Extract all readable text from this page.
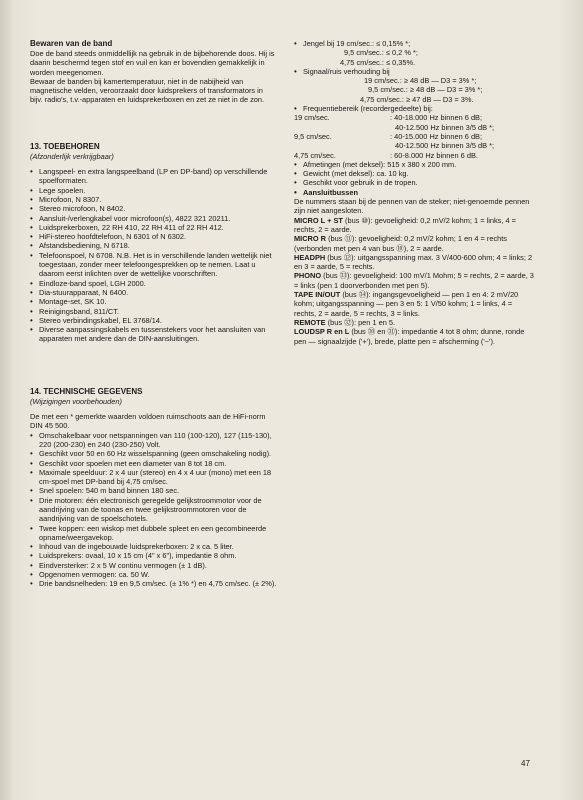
Bewaren van de band

Doe de band steeds onmiddellijk na gebruik in de bijbehorende doos. Hij is daarin beschermd tegen stof en vuil en kan er bovendien gemakkelijk in worden meegenomen.

Bewaar de banden bij kamertemperatuur, niet in de nabijheid van magnetische velden, veroorzaakt door luidsprekers of transformators in bijv. radio's, t.v.-apparaten en luidsprekerboxen en zet ze niet in de zon.

13. TOEBEHOREN

(Afzonderlijk verkrijgbaar)

• Langspeel- en extra langspeelband (LP en DP-band) op verschillende spoelformaten.
• Lege spoelen.
• Microfoon, N 8307.
• Stereo microfoon, N 8402.
• Aansluit-/verlengkabel voor microfoon(s), 4822 321 20211.
• Luidsprekerboxen, 22 RH 410, 22 RH 411 of 22 RH 412.
• HiFi-stereo hoofdtelefoon, N 6301 of N 6302.
• Afstandsbediening, N 6718.
• Telefoonspoel, N 6708. N.B. Het is in verschillende landen wettelijk niet toegestaan, zonder meer telefoongesprekken op te nemen. Laat u daarom eerst inlichten over de wettelijke voorschriften.
• Eindloze-band spoel, LGH 2000.
• Dia-stuurapparaat, N 6400.
• Montage-set, SK 10.
• Reinigingsband, 811/CT.
• Stereo verbindingskabel, EL 3768/14.
• Diverse aanpassingskabels en tussenstekers voor het aansluiten van apparaten met andere dan de DIN-aansluitingen.
14. TECHNISCHE GEGEVENS

(Wijzigingen voorbehouden)

De met een * gemerkte waarden voldoen ruimschoots aan de HiFi-norm DIN 45 500.

• Omschakelbaar voor netspanningen van 110 (100-120), 127 (115-130), 220 (200-230) en 240 (230-250) Volt.
• Geschikt voor 50 en 60 Hz wisselspanning (geen omschakeling nodig).
• Geschikt voor spoelen met een diameter van 8 tot 18 cm.
• Maximale speelduur: 2 x 4 uur (stereo) en 4 x 4 uur (mono) met een 18 cm-spoel met DP-band bij 4,75 cm/sec.
• Snel spoelen: 540 m band binnen 180 sec.
• Drie motoren: één electronisch geregelde gelijkstroommotor voor de aandrijving van de toonas en twee gelijkstroommotoren voor de aandrijving van de spoelschotels.
• Twee koppen: een wiskop met dubbele spleet en een gecombineerde opname/weergavekop.
• Inhoud van de ingebouwde luidsprekerboxen: 2 x ca. 5 liter.
• Luidsprekers: ovaal, 10 x 15 cm (4" x 6"), impedantie 8 ohm.
• Eindversterker: 2 x 5 W continu vermogen (± 1 dB).
• Opgenomen vermogen: ca. 50 W.
• Drie bandsnelheden: 19 en 9,5 cm/sec. (± 1% *) en 4,75 cm/sec. (± 2%).
• Jengel bij 19 cm/sec.: ≤ 0,15% *;

9,5 cm/sec.: ≤ 0,2 % *;

4,75 cm/sec.: ≤ 0,35%.

• Signaal/ruis verhouding bij

19 cm/sec.: ≥ 48 dB — D3 = 3% *;

9,5 cm/sec.: ≥ 48 dB — D3 = 3% *;

4,75 cm/sec.: ≥ 47 dB — D3 = 3%.

• Frequentiebereik (recordergedeelte) bij:
19 cm/sec.	: 40-18.000 Hz binnen 6 dB;
40-12.500 Hz binnen 3/5 dB *;
9,5 cm/sec.	: 40-15.000 Hz binnen 6 dB;
40-12.500 Hz binnen 3/5 dB *;
4,75 cm/sec.	: 60-8.000 Hz binnen 6 dB.
• Afmetingen (met deksel): 515 x 380 x 200 mm.
• Gewicht (met deksel): ca. 10 kg.
• Geschikt voor gebruik in de tropen.
• Aansluitbussen

De nummers staan bij de pennen van de steker; niet-genoemde pennen zijn niet aangesloten.

MICRO L + ST (bus ⑩): gevoeligheid: 0,2 mV/2 kohm; 1 = links, 4 = rechts, 2 = aarde.

MICRO R (bus ⑪): gevoeligheid: 0,2 mV/2 kohm; 1 en 4 = rechts (verbonden met pen 4 van bus ⑩), 2 = aarde.

HEADPH (bus ⑫): uitgangsspanning max. 3 V/400-600 ohm; 4 = links; 2 en 3 = aarde, 5 = rechts.

PHONO (bus ㉝): gevoeligheid: 100 mV/1 Mohm; 5 = rechts, 2 = aarde, 3 = links (pen 1 doorverbonden met pen 5).

TAPE IN/OUT (bus ㉞): ingangsgevoeligheid — pen 1 en 4: 2 mV/20 kohm; uitgangsspanning — pen 3 en 5: 1 V/50 kohm; 1 = links, 4 = rechts, 2 = aarde, 5 = rechts, 3 = links.

REMOTE (bus ㉜): pen 1 en 5.

LOUDSP R en L (bus ㉚ en ㉛): impedantie 4 tot 8 ohm; dunne, ronde pen — signaalzijde ('+'), brede, platte pen = afscherming ('−').

47
